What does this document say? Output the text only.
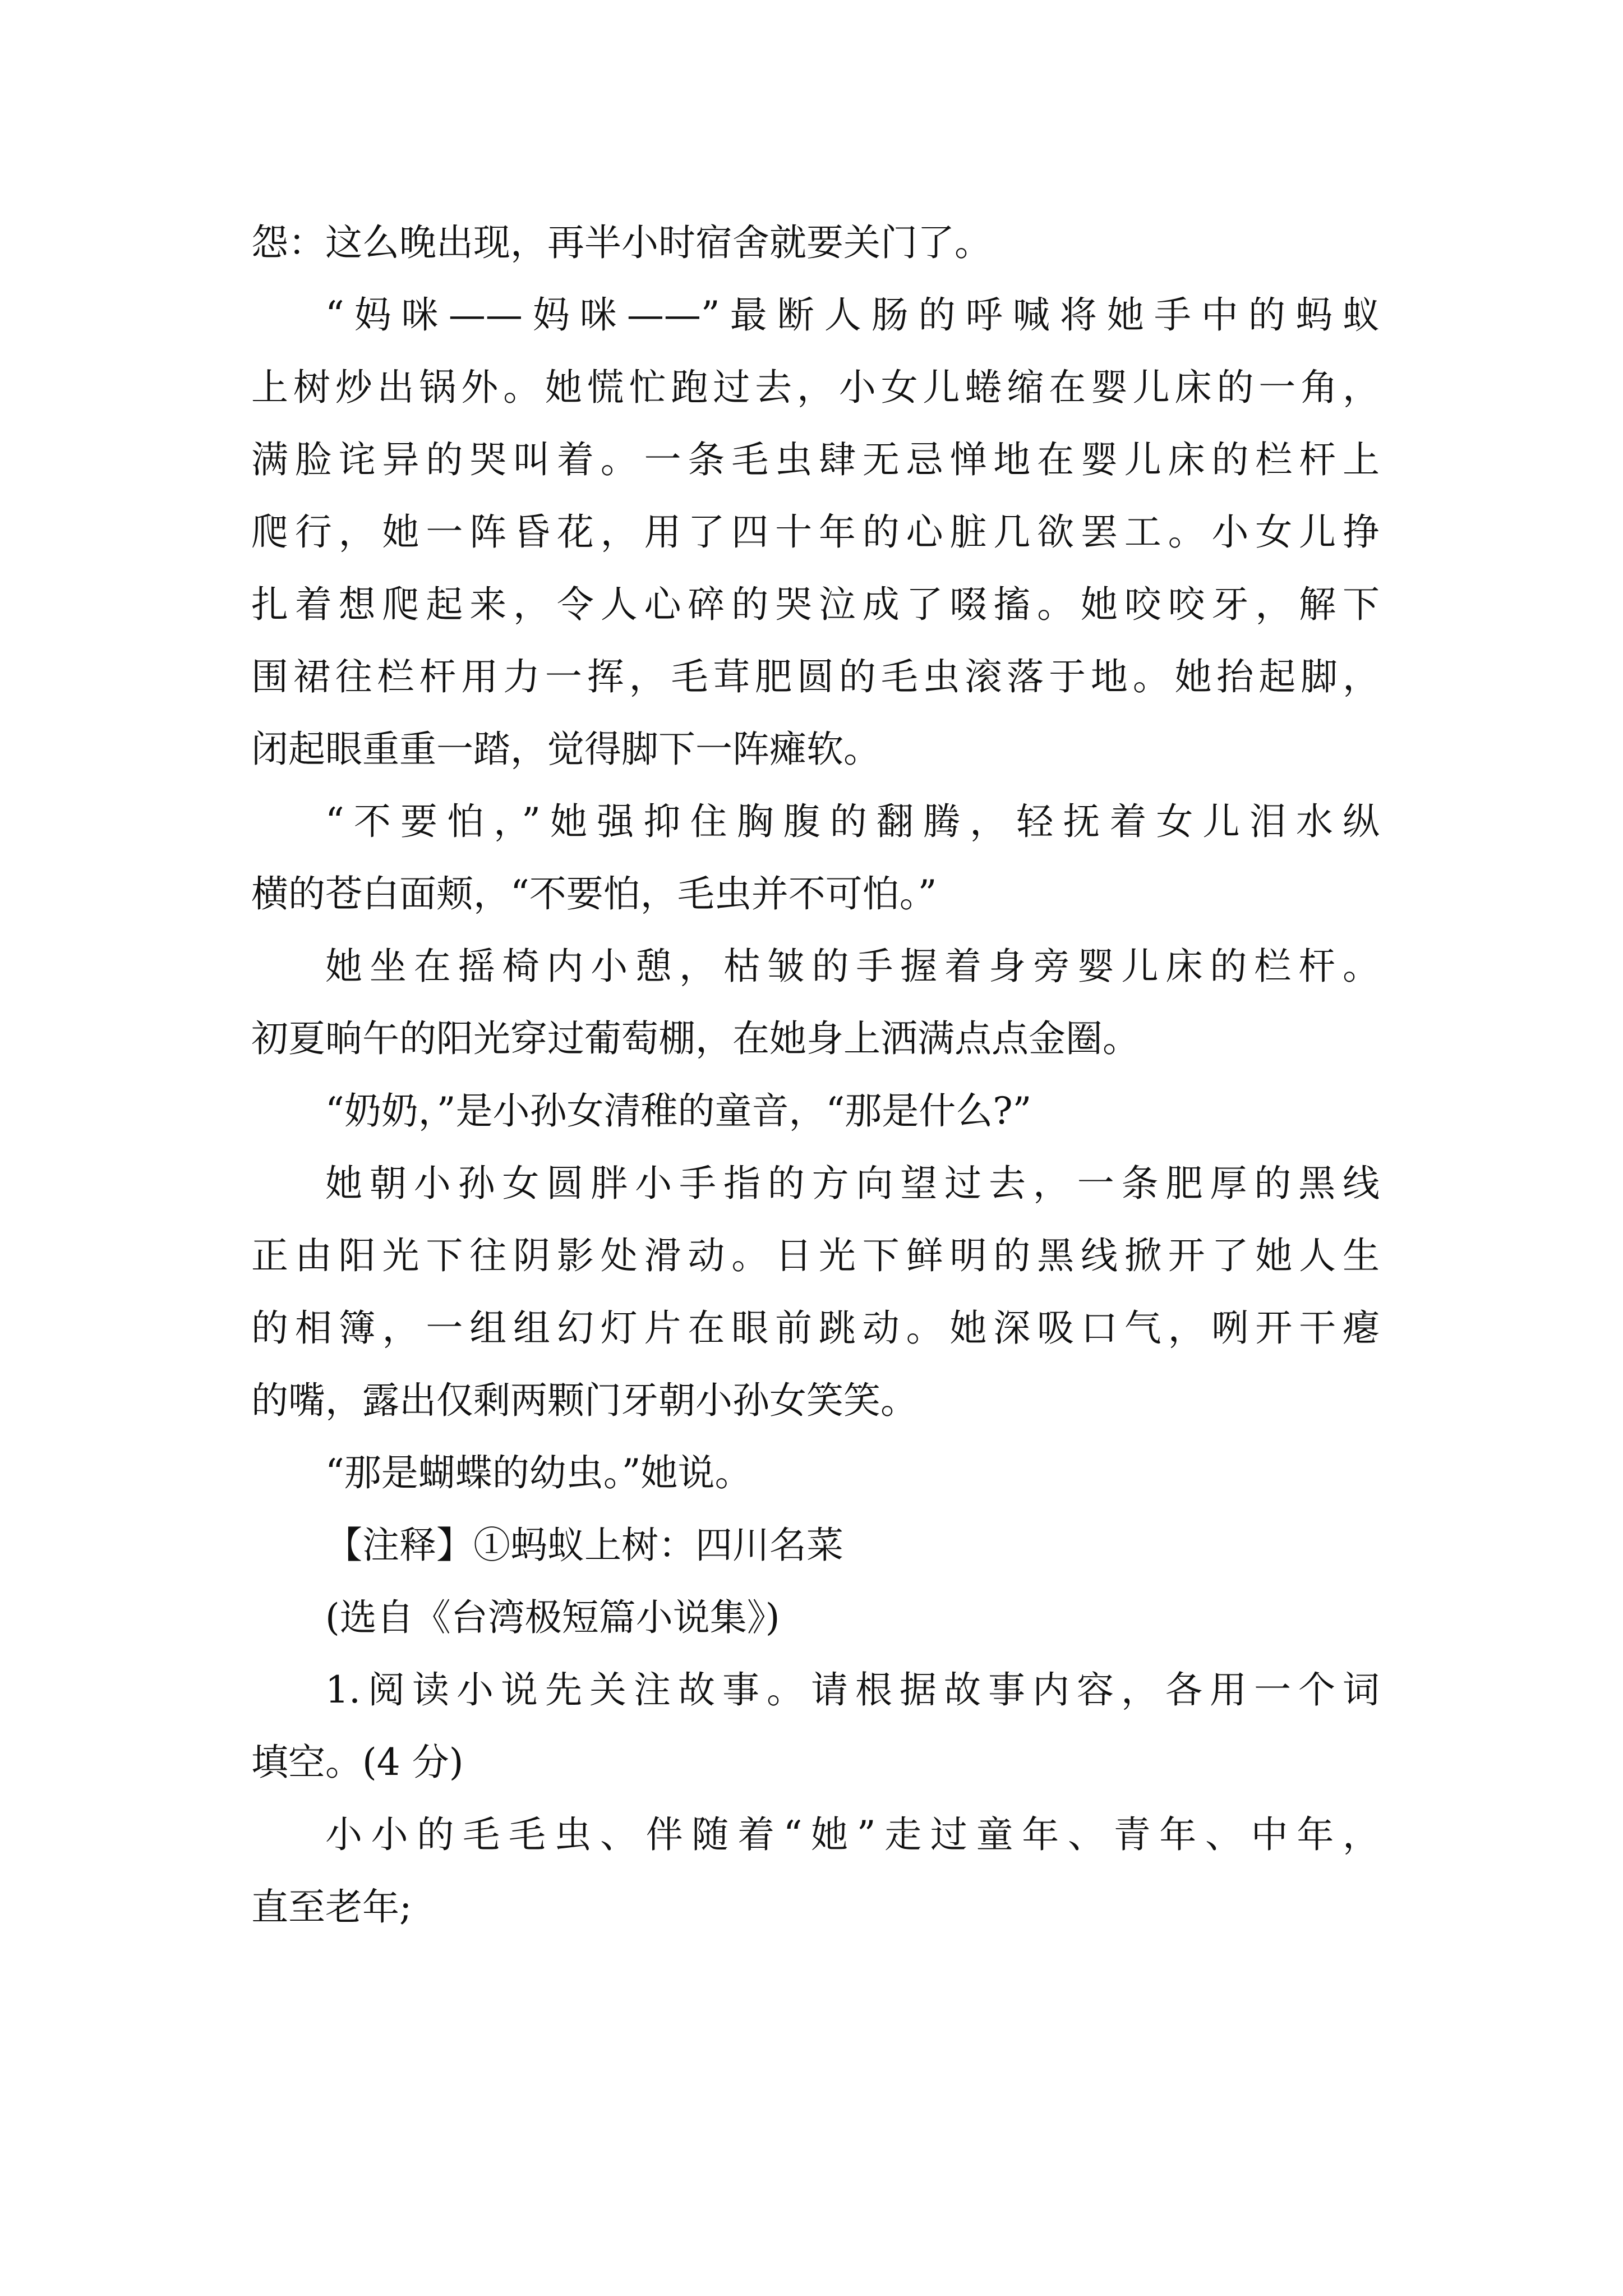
怨：这么晚出现，再半小时宿舍就要关门了。

“妈咪——妈咪——”最断人肠的呼喊将她手中的蚂蚁
上树炒出锅外。她慌忙跑过去，小女儿蜷缩在婴儿床的一角，
满脸诧异的哭叫着。一条毛虫肆无忌惮地在婴儿床的栏杆上
爬行，她一阵昏花，用了四十年的心脏几欲罢工。小女儿挣
扎着想爬起来，令人心碎的哭泣成了啜搐。她咬咬牙，解下
围裙往栏杆用力一挥，毛茸肥圆的毛虫滚落于地。她抬起脚，
闭起眼重重一踏，觉得脚下一阵瘫软。

“不要怕，”她强抑住胸腹的翻腾，轻抚着女儿泪水纵
横的苍白面颊，“不要怕，毛虫并不可怕。”

她坐在摇椅内小憩，枯皱的手握着身旁婴儿床的栏杆。
初夏晌午的阳光穿过葡萄棚，在她身上洒满点点金圈。

“奶奶，”是小孙女清稚的童音，“那是什么?”

她朝小孙女圆胖小手指的方向望过去，一条肥厚的黑线
正由阳光下往阴影处滑动。日光下鲜明的黑线掀开了她人生
的相簿，一组组幻灯片在眼前跳动。她深吸口气，咧开干瘪
的嘴，露出仅剩两颗门牙朝小孙女笑笑。

“那是蝴蝶的幼虫。”她说。

【注释】①蚂蚁上树：四川名菜

(选自《台湾极短篇小说集》)

1.阅读小说先关注故事。请根据故事内容，各用一个词
填空。(4 分)

小小的毛毛虫、伴随着“她”走过童年、青年、中年，
直至老年;
